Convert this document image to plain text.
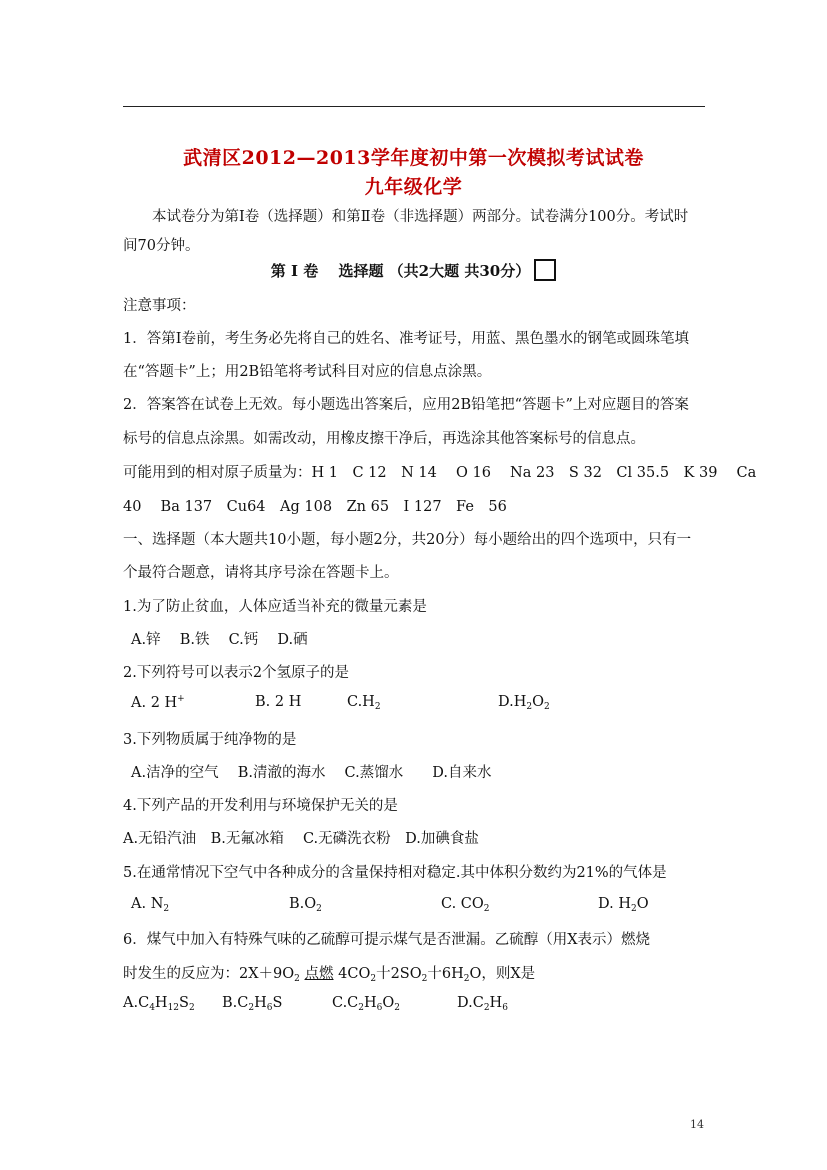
武清区2012—2013学年度初中第一次模拟考试试卷
九年级化学
本试卷分为第Ⅰ卷（选择题）和第Ⅱ卷（非选择题）两部分。试卷满分100分。考试时
间70分钟。
第 Ⅰ 卷　 选择题 （共2大题 共30分）
注意事项：
1．答第Ⅰ卷前，考生务必先将自己的姓名、准考证号，用蓝、黑色墨水的钢笔或圆珠笔填
在“答题卡”上；用2B铅笔将考试科目对应的信息点涂黑。
2．答案答在试卷上无效。每小题选出答案后，应用2B铅笔把“答题卡”上对应题目的答案
标号的信息点涂黑。如需改动，用橡皮擦干净后，再选涂其他答案标号的信息点。
可能用到的相对原子质量为：H 1　C 12　N 14　 O 16　 Na 23　S 32　Cl 35.5　K 39　 Ca
40　 Ba 137　Cu64　Ag 108　Zn 65　I 127　Fe　56
一、选择题（本大题共10小题，每小题2分，共20分）每小题给出的四个选项中，只有一
个最符合题意，请将其序号涂在答题卡上。
1.为了防止贫血，人体应适当补充的微量元素是
A.锌　 B.铁　 C.钙　 D.硒
2.下列符号可以表示2个氢原子的是
A. 2 H+	B. 2 H	$C.H_2$	$D.H_2O_2$
3.下列物质属于纯净物的是
A.洁净的空气　 B.清澈的海水　 C.蒸馏水　　D.自来水
4.下列产品的开发利用与环境保护无关的是
A.无铅汽油　B.无氟冰箱　 C.无磷洗衣粉　D.加碘食盐
5.在通常情况下空气中各种成分的含量保持相对稳定.其中体积分数约为21%的气体是
A. $N_2$	$B.O_2$	C. $CO_2$	D. $H_2O$
6．煤气中加入有特殊气味的乙硫醇可提示煤气是否泄漏。乙硫醇（用X表示）燃烧
时发生的反应为：$2X+9O_2$ 点燃 $4CO_2$十$2SO_2$十$6H_2O$，则X是
$A.C_4H_{12}S_2$ $B.C_2H_6S$	$C.C_2H_6O_2$	$D.C_2H_6$
14
